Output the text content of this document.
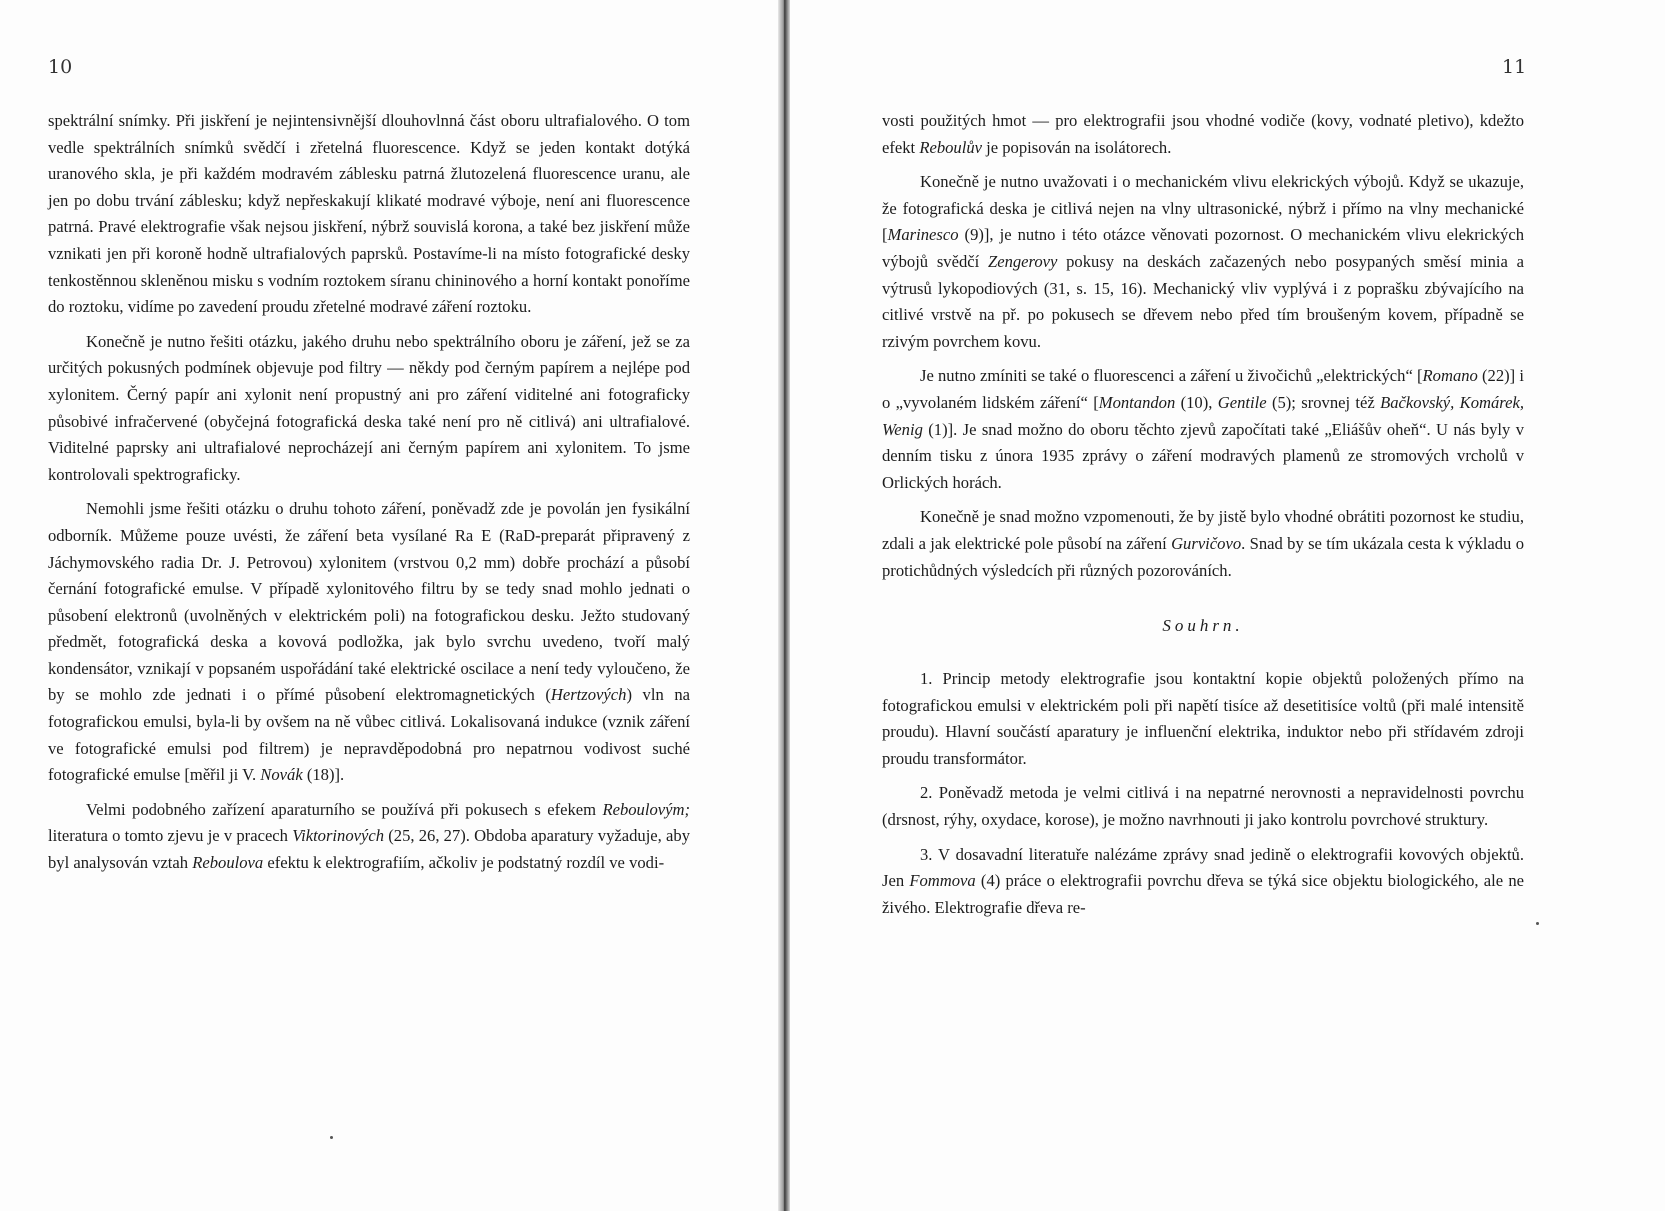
10

spektrální snímky. Při jiskření je nejintensivnější dlouhovlnná část oboru ultrafialového. O tom vedle spektrálních snímků svědčí i zřetelná fluorescence. Když se jeden kontakt dotýká uranového skla, je při každém modravém záblesku patrná žlutozelená fluorescence uranu, ale jen po dobu trvání záblesku; když nepřeskakují klikaté modravé výboje, není ani fluorescence patrná. Pravé elektrografie však nejsou jiskření, nýbrž souvislá korona, a také bez jiskření může vznikati jen při koroně hodně ultrafialových paprsků. Postavíme-li na místo fotografické desky tenkostěnnou skleněnou misku s vodním roztokem síranu chininového a horní kontakt ponoříme do roztoku, vidíme po zavedení proudu zřetelné modravé záření roztoku.

Konečně je nutno řešiti otázku, jakého druhu nebo spektrálního oboru je záření, jež se za určitých pokusných podmínek objevuje pod filtry — někdy pod černým papírem a nejlépe pod xylonitem. Černý papír ani xylonit není propustný ani pro záření viditelné ani fotograficky působivé infračervené (obyčejná fotografická deska také není pro ně citlivá) ani ultrafialové. Viditelné paprsky ani ultrafialové neprocházejí ani černým papírem ani xylonitem. To jsme kontrolovali spektrograficky.

Nemohli jsme řešiti otázku o druhu tohoto záření, poněvadž zde je povolán jen fysikální odborník. Můžeme pouze uvésti, že záření beta vysílané Ra E (RaD-preparát připravený z Jáchymovského radia Dr. J. Petrovou) xylonitem (vrstvou 0,2 mm) dobře prochází a působí černání fotografické emulse. V případě xylonitového filtru by se tedy snad mohlo jednati o působení elektronů (uvolněných v elektrickém poli) na fotografickou desku. Ježto studovaný předmět, fotografická deska a kovová podložka, jak bylo svrchu uvedeno, tvoří malý kondensátor, vznikají v popsaném uspořádání také elektrické oscilace a není tedy vyloučeno, že by se mohlo zde jednati i o přímé působení elektromagnetických (Hertzových) vln na fotografickou emulsi, byla-li by ovšem na ně vůbec citlivá. Lokalisovaná indukce (vznik záření ve fotografické emulsi pod filtrem) je nepravděpodobná pro nepatrnou vodivost suché fotografické emulse [měřil ji V. Novák (18)].

Velmi podobného zařízení aparaturního se používá při pokusech s efekem Reboulovým; literatura o tomto zjevu je v pracech Viktorinových (25, 26, 27). Obdoba aparatury vyžaduje, aby byl analysován vztah Reboulova efektu k elektrografiím, ačkoliv je podstatný rozdíl ve vodi-

11

vosti použitých hmot — pro elektrografii jsou vhodné vodiče (kovy, vodnaté pletivo), kdežto efekt Reboulův je popisován na isolátorech.

Konečně je nutno uvažovati i o mechanickém vlivu elekrických výbojů. Když se ukazuje, že fotografická deska je citlivá nejen na vlny ultrasonické, nýbrž i přímo na vlny mechanické [Marinesco (9)], je nutno i této otázce věnovati pozornost. O mechanickém vlivu elekrických výbojů svědčí Zengerovy pokusy na deskách začazených nebo posypaných směsí minia a výtrusů lykopodiových (31, s. 15, 16). Mechanický vliv vyplývá i z poprašku zbývajícího na citlivé vrstvě na př. po pokusech se dřevem nebo před tím broušeným kovem, případně se rzivým povrchem kovu.

Je nutno zmíniti se také o fluorescenci a záření u živočichů „elektrických“ [Romano (22)] i o „vyvolaném lidském záření“ [Montandon (10), Gentile (5); srovnej též Bačkovský, Komárek, Wenig (1)]. Je snad možno do oboru těchto zjevů započítati také „Eliášův oheň“. U nás byly v denním tisku z února 1935 zprávy o záření modravých plamenů ze stromových vrcholů v Orlických horách.

Konečně je snad možno vzpomenouti, že by jistě bylo vhodné obrátiti pozornost ke studiu, zdali a jak elektrické pole působí na záření Gurvičovo. Snad by se tím ukázala cesta k výkladu o protichůdných výsledcích při různých pozorováních.

Souhrn.

1. Princip metody elektrografie jsou kontaktní kopie objektů položených přímo na fotografickou emulsi v elektrickém poli při napětí tisíce až desetitisíce voltů (při malé intensitě proudu). Hlavní součástí aparatury je influenční elektrika, induktor nebo při střídavém zdroji proudu transformátor.

2. Poněvadž metoda je velmi citlivá i na nepatrné nerovnosti a nepravidelnosti povrchu (drsnost, rýhy, oxydace, korose), je možno navrhnouti ji jako kontrolu povrchové struktury.

3. V dosavadní literatuře nalézáme zprávy snad jedině o elektrografii kovových objektů. Jen Fommova (4) práce o elektrografii povrchu dřeva se týká sice objektu biologického, ale ne živého. Elektrografie dřeva re-
